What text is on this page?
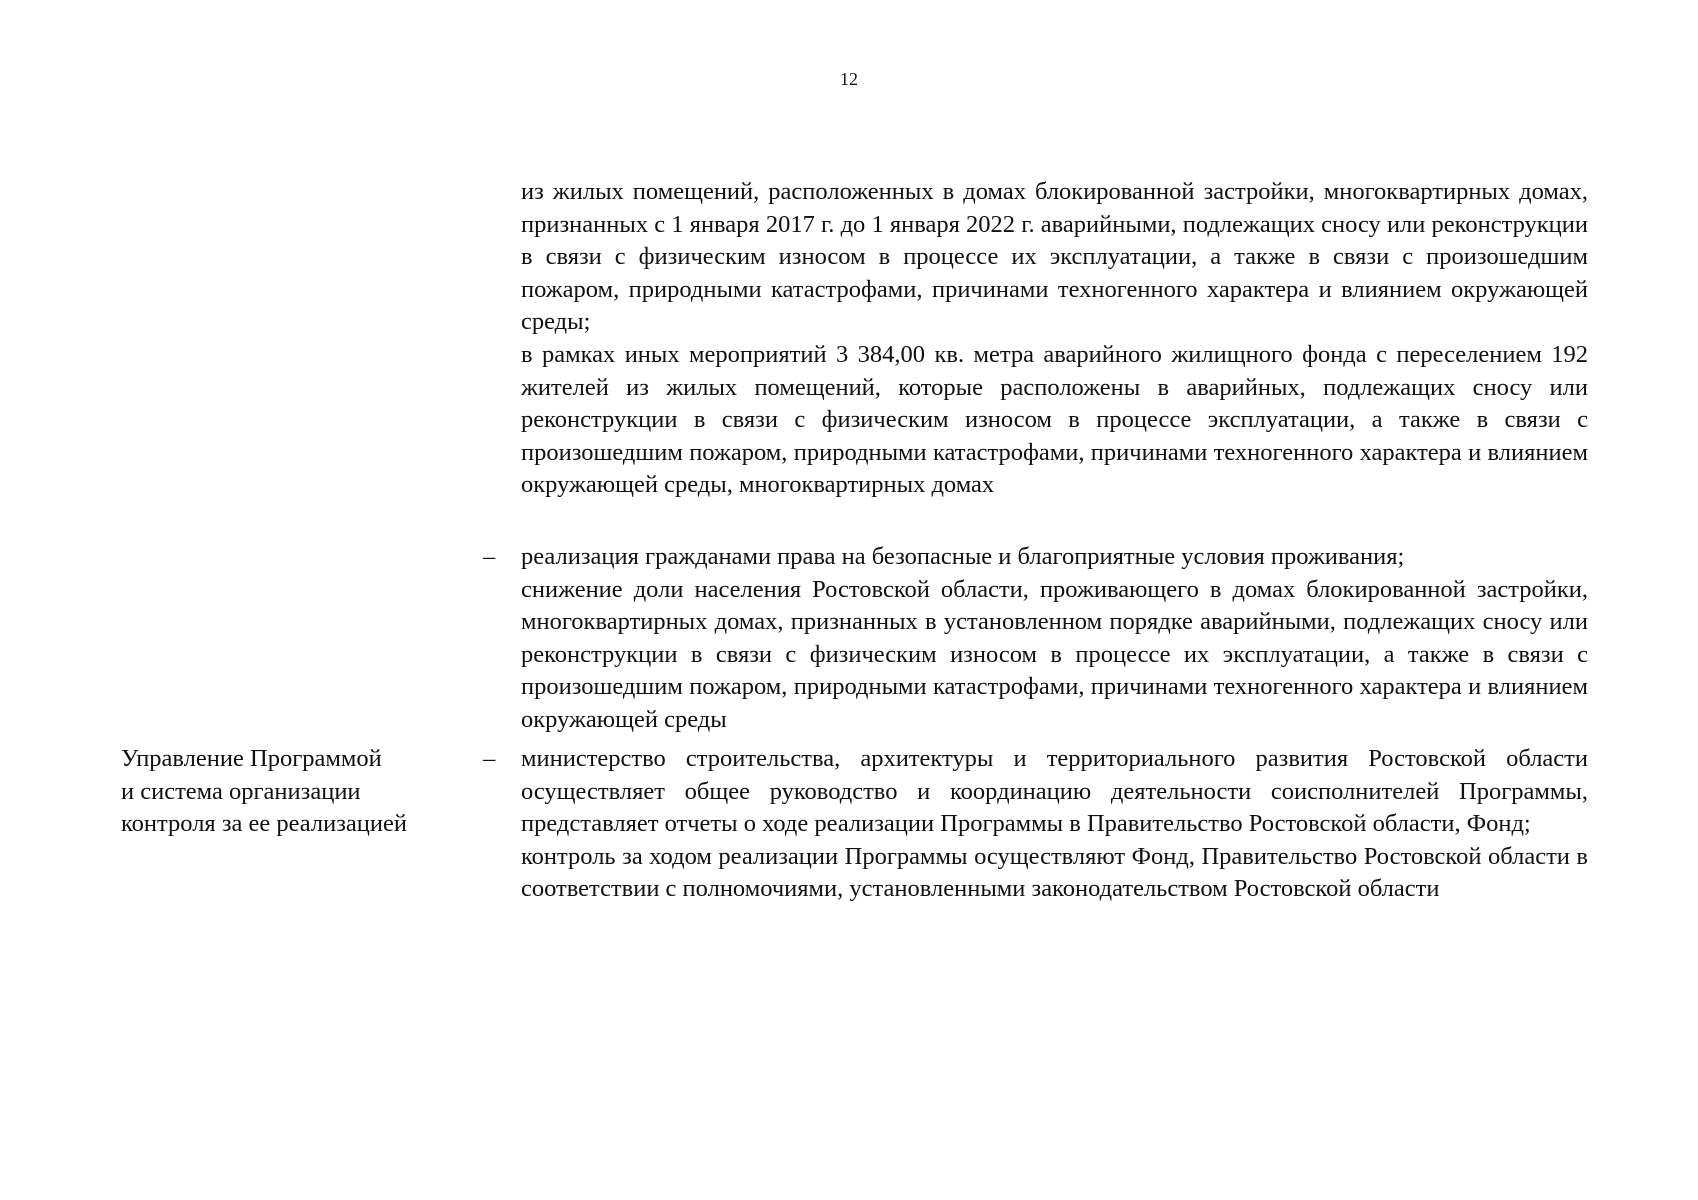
12

из жилых помещений, расположенных в домах блокированной застройки, многоквартирных домах, признанных с 1 января 2017 г. до 1 января 2022 г. аварийными, подлежащих сносу или реконструкции в связи с физическим износом в процессе их эксплуатации, а также в связи с произошедшим пожаром, природными катастрофами, причинами техногенного характера и влиянием окружающей среды;

в рамках иных мероприятий 3 384,00 кв. метра аварийного жилищного фонда с переселением 192 жителей из жилых помещений, которые расположены в аварийных, подлежащих сносу или реконструкции в связи с физическим износом в процессе эксплуатации, а также в связи с произошедшим пожаром, природными катастрофами, причинами техногенного характера и влиянием окружающей среды, многоквартирных домах

– реализация гражданами права на безопасные и благоприятные условия проживания;

снижение доли населения Ростовской области, проживающего в домах блокированной застройки, многоквартирных домах, признанных в установленном порядке аварийными, подлежащих сносу или реконструкции в связи с физическим износом в процессе их эксплуатации, а также в связи с произошедшим пожаром, природными катастрофами, причинами техногенного характера и влиянием окружающей среды

Управление Программой
и система организации
контроля за ее реализацией
– министерство строительства, архитектуры и территориального развития Ростовской области осуществляет общее руководство и координацию деятельности соисполнителей Программы, представляет отчеты о ходе реализации Программы в Правительство Ростовской области, Фонд;

контроль за ходом реализации Программы осуществляют Фонд, Правительство Ростовской области в соответствии с полномочиями, установленными законодательством Ростовской области
